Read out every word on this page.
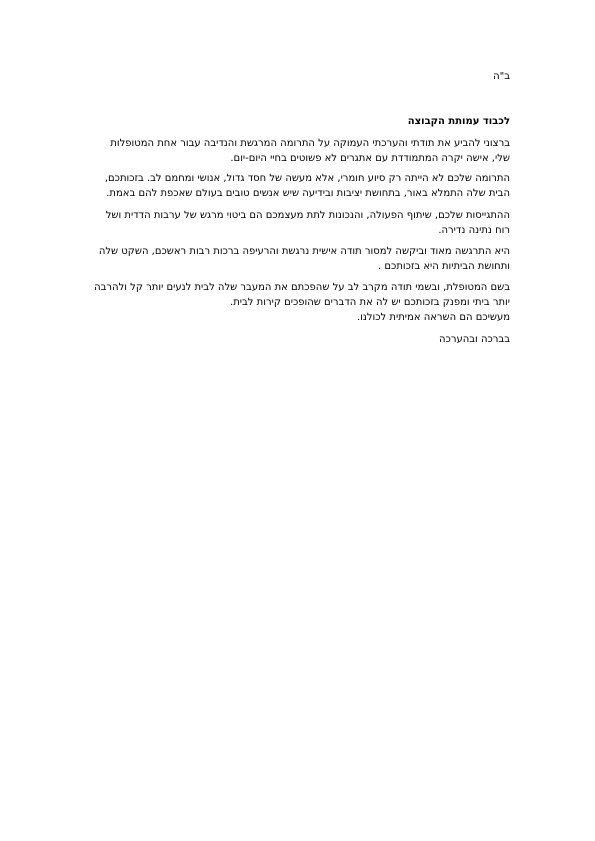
ב"ה
לכבוד עמותת הקבוצה

ברצוני להביע את תודתי והערכתי העמוקה על התרומה המרגשת והנדיבה עבור אחת המטופלות
שלי, אישה יקרה המתמודדת עם אתגרים לא פשוטים בחיי היום-יום.

התרומה שלכם לא הייתה רק סיוע חומרי, אלא מעשה של חסד גדול, אנושי ומחמם לב. בזכותכם,
הבית שלה התמלא באור, בתחושת יציבות ובידיעה שיש אנשים טובים בעולם שאכפת להם באמת.

ההתגייסות שלכם, שיתוף הפעולה, והנכונות לתת מעצמכם הם ביטוי מרגש של ערבות הדדית ושל
רוח נתינה נדירה.

היא התרגשה מאוד וביקשה למסור תודה אישית נרגשת והרעיפה ברכות רבות ראשכם, השקט שלה
ותחושת הביתיות היא בזכותכם .

בשם המטופלת, ובשמי תודה מקרב לב על שהפכתם את המעבר שלה לבית לנעים יותר קל ולהרבה
יותר ביתי ומפנק בזכותכם יש לה את הדברים שהופכים קירות לבית.

מעשיכם הם השראה אמיתית לכולנו.

בברכה ובהערכה
